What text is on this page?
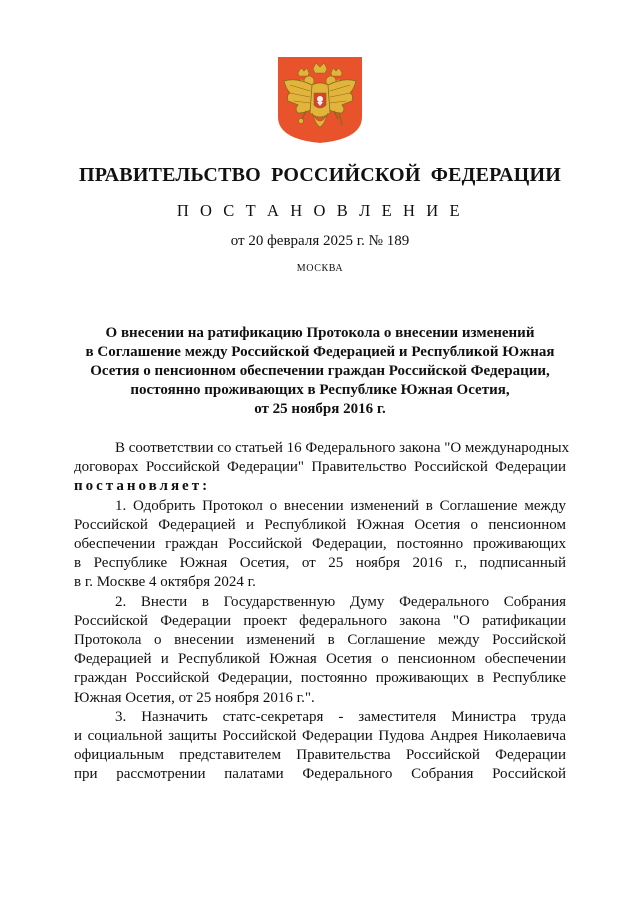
ПРАВИТЕЛЬСТВО РОССИЙСКОЙ ФЕДЕРАЦИИ
П О С Т А Н О В Л Е Н И Е
от 20 февраля 2025 г. № 189
МОСКВА
О внесении на ратификацию Протокола о внесении изменений
в Соглашение между Российской Федерацией и Республикой Южная
Осетия о пенсионном обеспечении граждан Российской Федерации,
постоянно проживающих в Республике Южная Осетия,
от 25 ноября 2016 г.
В соответствии со статьей 16 Федерального закона "О международных
договорах Российской Федерации" Правительство Российской Федерации
постановляет:
1. Одобрить Протокол о внесении изменений в Соглашение между
Российской Федерацией и Республикой Южная Осетия о пенсионном
обеспечении граждан Российской Федерации, постоянно проживающих
в Республике Южная Осетия, от 25 ноября 2016 г., подписанный
в г. Москве 4 октября 2024 г.
2. Внести в Государственную Думу Федерального Собрания
Российской Федерации проект федерального закона "О ратификации
Протокола о внесении изменений в Соглашение между Российской
Федерацией и Республикой Южная Осетия о пенсионном обеспечении
граждан Российской Федерации, постоянно проживающих в Республике
Южная Осетия, от 25 ноября 2016 г.".
3. Назначить статс-секретаря - заместителя Министра труда
и социальной защиты Российской Федерации Пудова Андрея Николаевича
официальным представителем Правительства Российской Федерации
при рассмотрении палатами Федерального Собрания Российской
